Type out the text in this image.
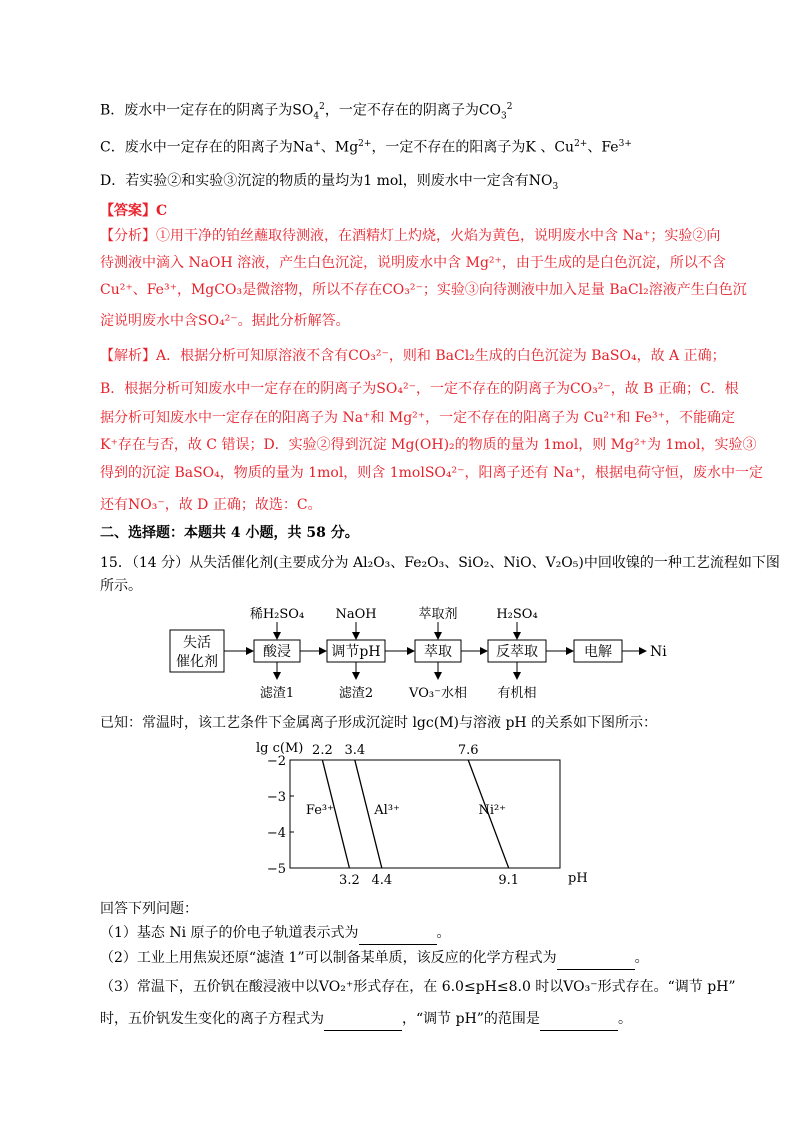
B．废水中一定存在的阴离子为$SO_4^2$，一定不存在的阴离子为$CO_3^2$
C．废水中一定存在的阳离子为Na+、$Mg^{2+}$，一定不存在的阳离子为K 、$Cu^{2+}$、$Fe^{3+}$
D．若实验②和实验③沉淀的物质的量均为1 mol，则废水中一定含有$NO_3$
【答案】C
【分析】①用干净的铂丝蘸取待测液，在酒精灯上灼烧，火焰为黄色，说明废水中含 Na⁺；实验②向
待测液中滴入 NaOH 溶液，产生白色沉淀，说明废水中含 Mg²⁺，由于生成的是白色沉淀，所以不含
Cu²⁺、Fe³⁺，MgCO₃是微溶物，所以不存在CO₃²⁻；实验③向待测液中加入足量 BaCl₂溶液产生白色沉
淀说明废水中含SO₄²⁻。据此分析解答。
【解析】A．根据分析可知原溶液不含有CO₃²⁻，则和 BaCl₂生成的白色沉淀为 BaSO₄，故 A 正确；
B．根据分析可知废水中一定存在的阴离子为SO₄²⁻，一定不存在的阴离子为CO₃²⁻，故 B 正确；C．根
据分析可知废水中一定存在的阳离子为 Na⁺和 Mg²⁺，一定不存在的阳离子为 Cu²⁺和 Fe³⁺，不能确定
K⁺存在与否，故 C 错误；D．实验②得到沉淀 Mg(OH)₂的物质的量为 1mol，则 Mg²⁺为 1mol，实验③
得到的沉淀 BaSO₄，物质的量为 1mol，则含 1molSO₄²⁻，阳离子还有 Na⁺，根据电荷守恒，废水中一定
还有NO₃⁻，故 D 正确；故选：C。
二、选择题：本题共 4 小题，共 58 分。
15．（14 分）从失活催化剂(主要成分为 Al₂O₃、Fe₂O₃、SiO₂、NiO、V₂O₅)中回收镍的一种工艺流程如下图
所示。
失活
催化剂
酸浸	调节pH	萃取	反萃取	电解	Ni
稀H₂SO₄ NaOH	萃取剂	H₂SO₄
滤渣1	滤渣2	VO₃⁻水相 有机相
已知：常温时，该工艺条件下金属离子形成沉淀时 lgc(M)与溶液 pH 的关系如下图所示：
lg c(M)
pH
−2
−3
−4
−5
2.2
3.2
Fe³⁺
3.4
4.4
Al³⁺
7.6
9.1
Ni²⁺
回答下列问题：
（1）基态 Ni 原子的价电子轨道表示式为	。
（2）工业上用焦炭还原“滤渣 1”可以制备某单质，该反应的化学方程式为	。
（3）常温下，五价钒在酸浸液中以VO₂⁺形式存在，在 6.0≤pH≤8.0 时以VO₃⁻形式存在。“调节 pH”
时，五价钒发生变化的离子方程式为	，“调节 pH”的范围是	。
